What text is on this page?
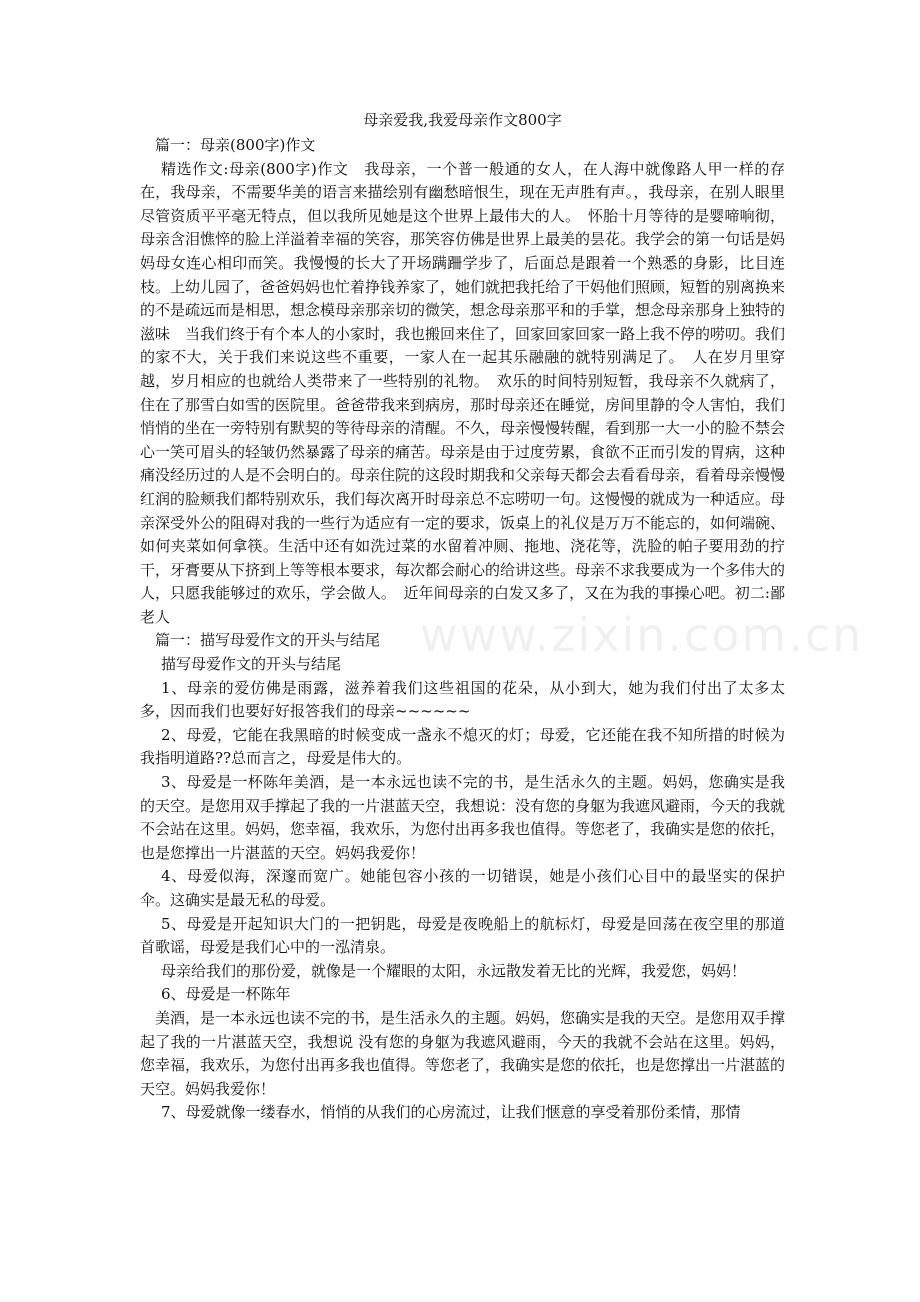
www.zixin.com.cn
母亲爱我,我爱母亲作文800字

篇一：母亲(800字)作文

精选作文:母亲(800字)作文　我母亲，一个普一般通的女人，在人海中就像路人甲一样的存在，我母亲，不需要华美的语言来描绘别有幽愁暗恨生，现在无声胜有声。，我母亲，在别人眼里尽管资质平平毫无特点，但以我所见她是这个世界上最伟大的人。　怀胎十月等待的是婴啼响彻，母亲含泪憔悴的脸上洋溢着幸福的笑容，那笑容仿佛是世界上最美的昙花。我学会的第一句话是妈妈母女连心相印而笑。我慢慢的长大了开场蹒跚学步了，后面总是跟着一个熟悉的身影，比目连枝。上幼儿园了，爸爸妈妈也忙着挣钱养家了，她们就把我托给了干妈他们照顾，短暂的别离换来的不是疏远而是相思，想念模母亲那亲切的微笑，想念母亲那平和的手掌，想念母亲那身上独特的滋味　当我们终于有个本人的小家时，我也搬回来住了，回家回家回家一路上我不停的唠叨。我们的家不大，关于我们来说这些不重要，一家人在一起其乐融融的就特别满足了。　人在岁月里穿越，岁月相应的也就给人类带来了一些特别的礼物。　欢乐的时间特别短暂，我母亲不久就病了，住在了那雪白如雪的医院里。爸爸带我来到病房，那时母亲还在睡觉，房间里静的令人害怕，我们悄悄的坐在一旁特别有默契的等待母亲的清醒。不久，母亲慢慢转醒，看到那一大一小的脸不禁会心一笑可眉头的轻皱仍然暴露了母亲的痛苦。母亲是由于过度劳累，食欲不正而引发的胃病，这种痛没经历过的人是不会明白的。母亲住院的这段时期我和父亲每天都会去看看母亲，看着母亲慢慢红润的脸颊我们都特别欢乐，我们每次离开时母亲总不忘唠叨一句。这慢慢的就成为一种适应。母亲深受外公的阻碍对我的一些行为适应有一定的要求，饭桌上的礼仪是万万不能忘的，如何端碗、如何夹菜如何拿筷。生活中还有如洗过菜的水留着冲厕、拖地、浇花等，洗脸的帕子要用劲的拧干，牙膏要从下挤到上等等根本要求，每次都会耐心的给讲这些。母亲不求我要成为一个多伟大的人，只愿我能够过的欢乐，学会做人。　近年间母亲的白发又多了，又在为我的事操心吧。初二:鄙老人

篇一：描写母爱作文的开头与结尾

描写母爱作文的开头与结尾

1、母亲的爱仿佛是雨露，滋养着我们这些祖国的花朵，从小到大，她为我们付出了太多太多，因而我们也要好好报答我们的母亲~~~~~~

2、母爱，它能在我黑暗的时候变成一盏永不熄灭的灯；母爱，它还能在我不知所措的时候为我指明道路??总而言之，母爱是伟大的。

3、母爱是一杯陈年美酒，是一本永远也读不完的书，是生活永久的主题。妈妈，您确实是我的天空。是您用双手撑起了我的一片湛蓝天空，我想说：没有您的身躯为我遮风避雨，今天的我就不会站在这里。妈妈，您幸福，我欢乐，为您付出再多我也值得。等您老了，我确实是您的依托，也是您撑出一片湛蓝的天空。妈妈我爱你！

4、母爱似海，深邃而宽广。她能包容小孩的一切错误，她是小孩们心目中的最坚实的保护伞。这确实是最无私的母爱。

5、母爱是开起知识大门的一把钥匙，母爱是夜晚船上的航标灯，母爱是回荡在夜空里的那道首歌谣，母爱是我们心中的一泓清泉。

母亲给我们的那份爱，就像是一个耀眼的太阳，永远散发着无比的光辉，我爱您，妈妈！

6、母爱是一杯陈年

美酒，是一本永远也读不完的书，是生活永久的主题。妈妈，您确实是我的天空。是您用双手撑起了我的一片湛蓝天空，我想说 没有您的身躯为我遮风避雨，今天的我就不会站在这里。妈妈，您幸福，我欢乐，为您付出再多我也值得。等您老了，我确实是您的依托，也是您撑出一片湛蓝的天空。妈妈我爱你！

7、母爱就像一缕春水，悄悄的从我们的心房流过，让我们惬意的享受着那份柔情，那情
